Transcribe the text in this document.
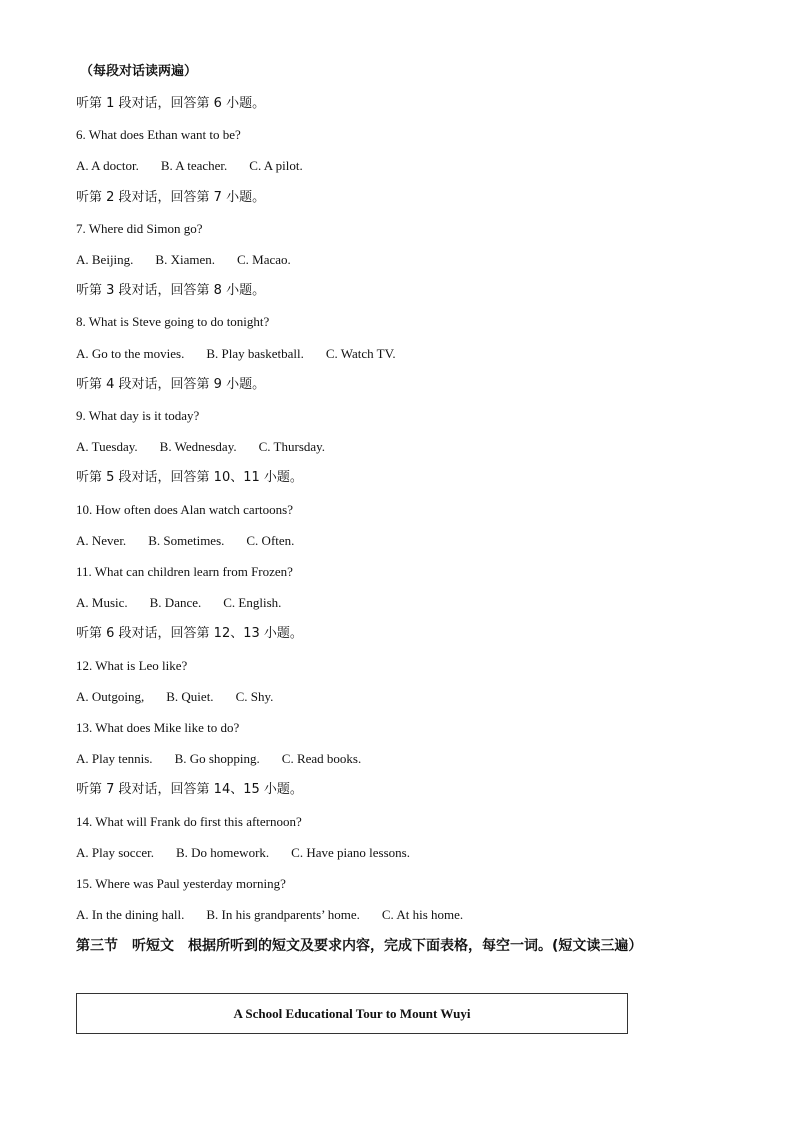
（每段对话读两遍）
听第 1 段对话，回答第 6 小题。
6. What does Ethan want to be?
A. A doctor. B. A teacher. C. A pilot.
听第 2 段对话，回答第 7 小题。
7. Where did Simon go?
A. Beijing. B. Xiamen. C. Macao.
听第 3 段对话，回答第 8 小题。
8. What is Steve going to do tonight?
A. Go to the movies. B. Play basketball. C. Watch TV.
听第 4 段对话，回答第 9 小题。
9. What day is it today?
A. Tuesday. B. Wednesday. C. Thursday.
听第 5 段对话，回答第 10、11 小题。
10. How often does Alan watch cartoons?
A. Never. B. Sometimes. C. Often.
11. What can children learn from Frozen?
A. Music. B. Dance. C. English.
听第 6 段对话，回答第 12、13 小题。
12. What is Leo like?
A. Outgoing, B. Quiet. C. Shy.
13. What does Mike like to do?
A. Play tennis. B. Go shopping. C. Read books.
听第 7 段对话，回答第 14、15 小题。
14. What will Frank do first this afternoon?
A. Play soccer. B. Do homework. C. Have piano lessons.
15. Where was Paul yesterday morning?
A. In the dining hall. B. In his grandparents’ home. C. At his home.
第三节　听短文　根据所听到的短文及要求内容，完成下面表格，每空一词。(短文读三遍）
A School Educational Tour to Mount Wuyi
